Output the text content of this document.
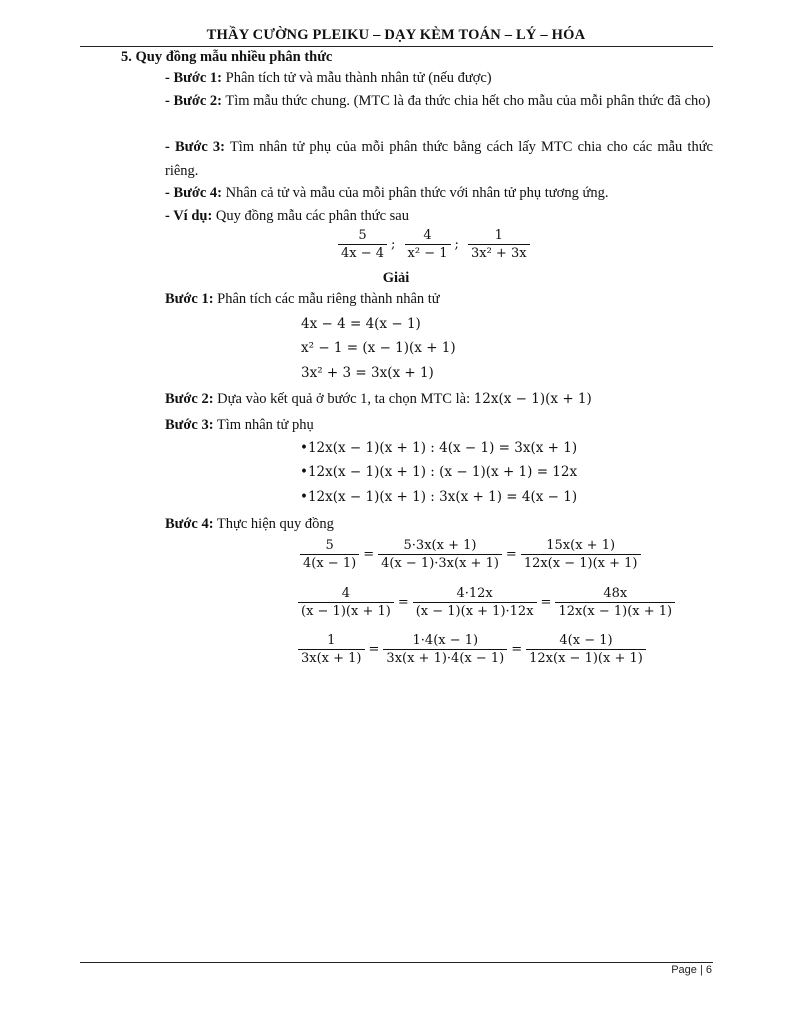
THẦY CƯỜNG PLEIKU – DẠY KÈM TOÁN – LÝ – HÓA
5. Quy đồng mẫu nhiều phân thức
- Bước 1: Phân tích tử và mẫu thành nhân tử (nếu được)
- Bước 2: Tìm mẫu thức chung. (MTC là đa thức chia hết cho mẫu của mỗi phân thức đã cho)
- Bước 3: Tìm nhân tử phụ của mỗi phân thức bằng cách lấy MTC chia cho các mẫu thức riêng.
- Bước 4: Nhân cả tử và mẫu của mỗi phân thức với nhân tử phụ tương ứng.
- Ví dụ: Quy đồng mẫu các phân thức sau
$\frac{5}{4x - 4}$ ; $\frac{4}{\text{x² − 1}}$ ; $\frac{1}{\text{3x² + 3x}}$
Giải
Bước 1: Phân tích các mẫu riêng thành nhân tử
4x − 4 = 4(x − 1)
x² − 1 = (x − 1)(x + 1)
3x² + 3 = 3x(x + 1)
Bước 2: Dựa vào kết quả ở bước 1, ta chọn MTC là: 12x(x − 1)(x + 1)
Bước 3: Tìm nhân tử phụ
•12x(x − 1)(x + 1) : 4(x − 1) = 3x(x + 1)
•12x(x − 1)(x + 1) : (x − 1)(x + 1) = 12x
•12x(x − 1)(x + 1) : 3x(x + 1) = 4(x − 1)
Bước 4: Thực hiện quy đồng
$\frac{5}{4(x - 1)} = \frac{5\cdot 3x(x + 1)}{4(x - 1)\cdot 3x(x + 1)} = \frac{15x(x + 1)}{12x(x - 1)(x + 1)}$
$\frac{4}{(x - 1)(x + 1)} = \frac{4\cdot 12x}{(x - 1)(x + 1)\cdot 12x} = \frac{48x}{12x(x - 1)(x + 1)}$
$\frac{1}{3x(x + 1)} = \frac{1\cdot 4(x - 1)}{3x(x + 1)\cdot 4(x - 1)} = \frac{4(x - 1)}{12x(x - 1)(x + 1)}$
Page | 6
